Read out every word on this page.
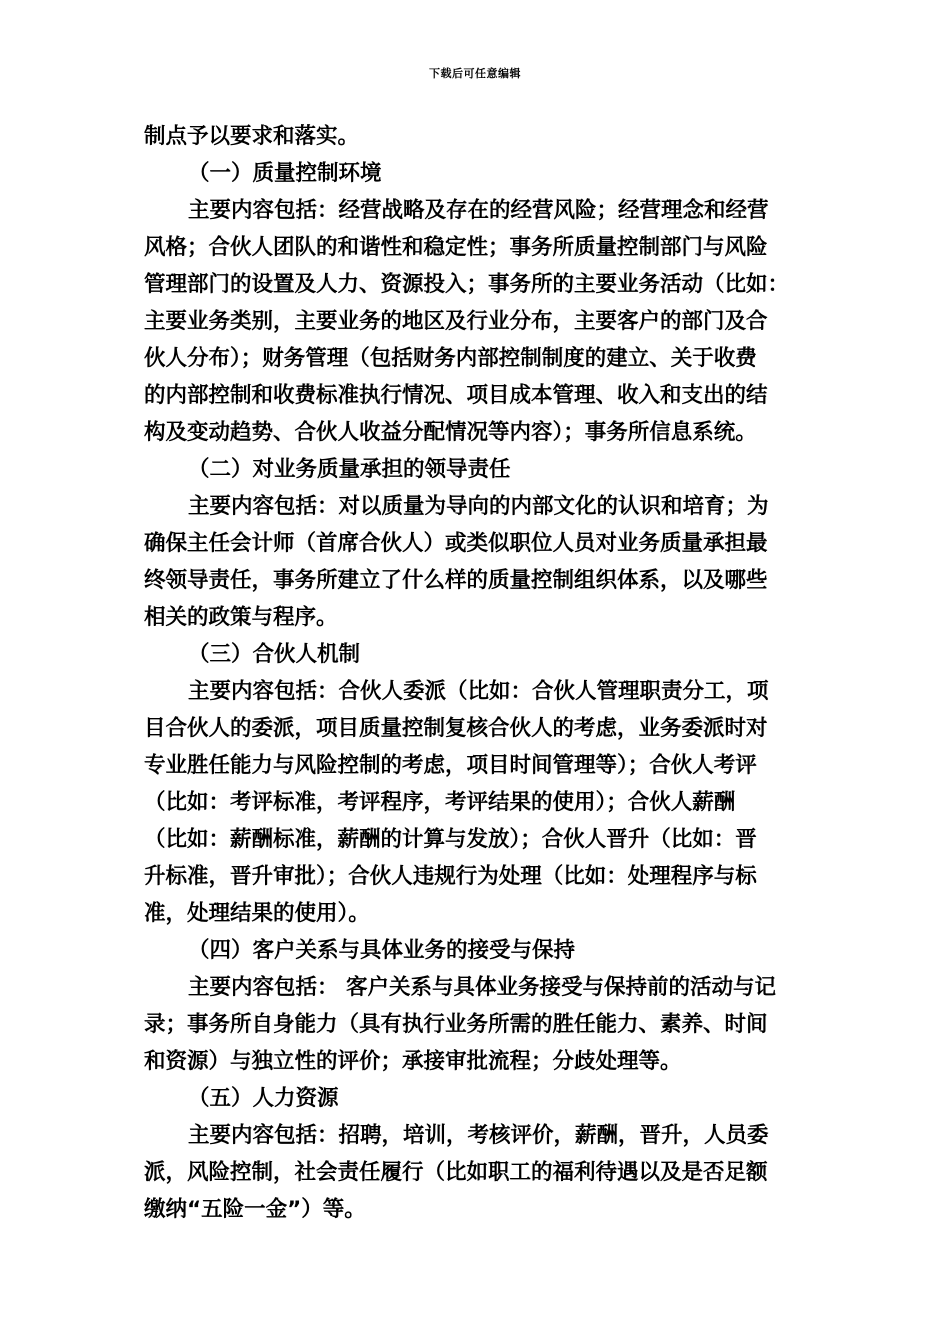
下载后可任意编辑
制点予以要求和落实。
（一）质量控制环境
主要内容包括：经营战略及存在的经营风险；经营理念和经营
风格；合伙人团队的和谐性和稳定性；事务所质量控制部门与风险
管理部门的设置及人力、资源投入；事务所的主要业务活动（比如：
主要业务类别，主要业务的地区及行业分布，主要客户的部门及合
伙人分布）；财务管理（包括财务内部控制制度的建立、关于收费
的内部控制和收费标准执行情况、项目成本管理、收入和支出的结
构及变动趋势、合伙人收益分配情况等内容）；事务所信息系统。
（二）对业务质量承担的领导责任
主要内容包括：对以质量为导向的内部文化的认识和培育；为
确保主任会计师（首席合伙人）或类似职位人员对业务质量承担最
终领导责任，事务所建立了什么样的质量控制组织体系，以及哪些
相关的政策与程序。
（三）合伙人机制
主要内容包括：合伙人委派（比如：合伙人管理职责分工，项
目合伙人的委派，项目质量控制复核合伙人的考虑，业务委派时对
专业胜任能力与风险控制的考虑，项目时间管理等）；合伙人考评
（比如：考评标准，考评程序，考评结果的使用）；合伙人薪酬
（比如：薪酬标准，薪酬的计算与发放）；合伙人晋升（比如：晋
升标准，晋升审批）；合伙人违规行为处理（比如：处理程序与标
准，处理结果的使用）。
（四）客户关系与具体业务的接受与保持
主要内容包括： 客户关系与具体业务接受与保持前的活动与记
录；事务所自身能力（具有执行业务所需的胜任能力、素养、时间
和资源）与独立性的评价；承接审批流程；分歧处理等。
（五）人力资源
主要内容包括：招聘，培训，考核评价，薪酬，晋升，人员委
派，风险控制，社会责任履行（比如职工的福利待遇以及是否足额
缴纳“五险一金”）等。
